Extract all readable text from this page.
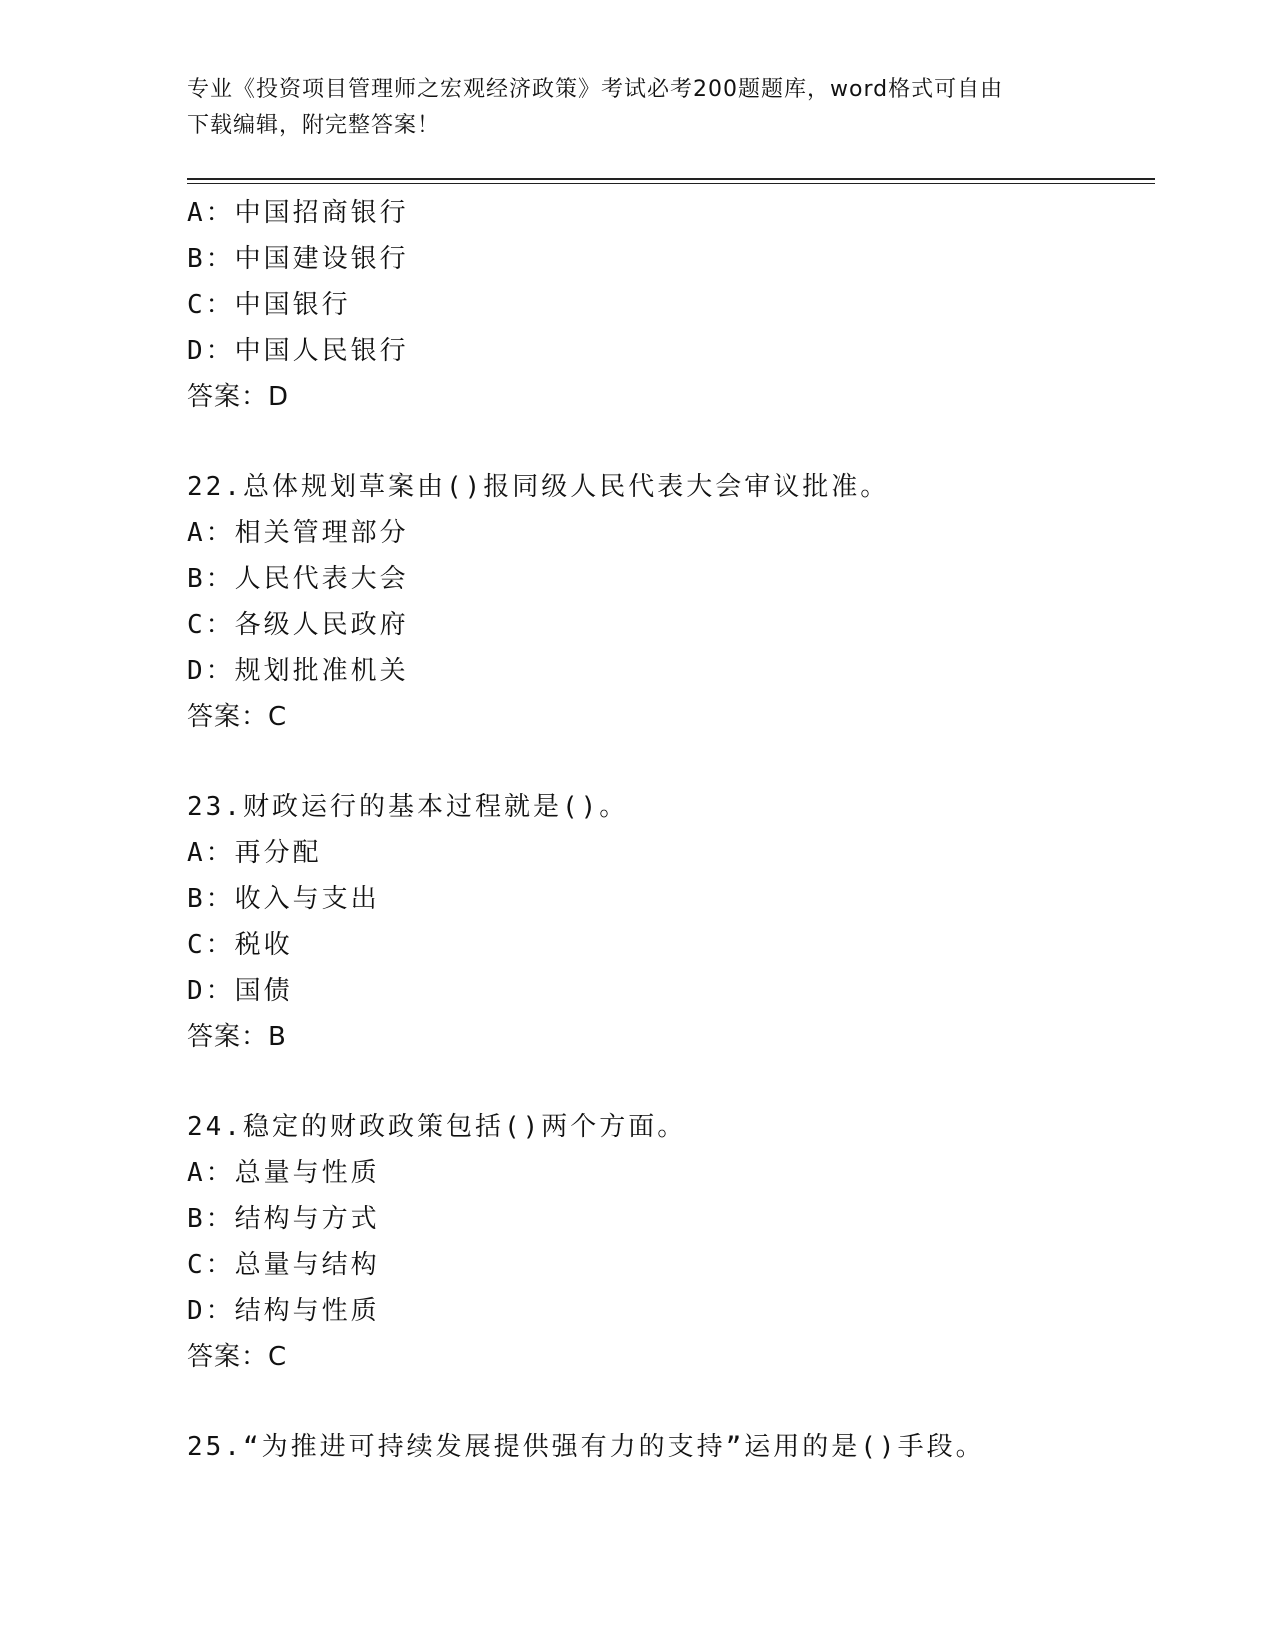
专业《投资项目管理师之宏观经济政策》考试必考200题题库，word格式可自由
下载编辑，附完整答案！
A：中国招商银行
B：中国建设银行
C：中国银行
D：中国人民银行
答案：D
22.总体规划草案由()报同级人民代表大会审议批准。
A：相关管理部分
B：人民代表大会
C：各级人民政府
D：规划批准机关
答案：C
23.财政运行的基本过程就是()。
A：再分配
B：收入与支出
C：税收
D：国债
答案：B
24.稳定的财政政策包括()两个方面。
A：总量与性质
B：结构与方式
C：总量与结构
D：结构与性质
答案：C
25.“为推进可持续发展提供强有力的支持”运用的是()手段。
